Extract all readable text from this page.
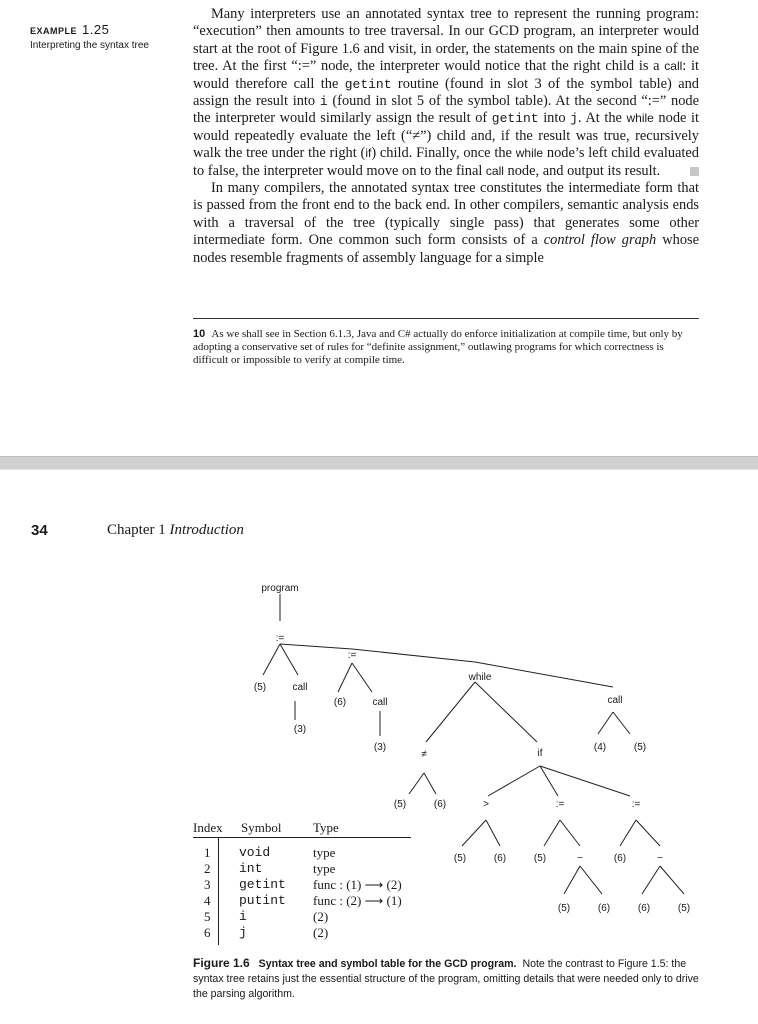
EXAMPLE 1.25
Interpreting the syntax tree

Many interpreters use an annotated syntax tree to represent the running program: “execution” then amounts to tree traversal. In our GCD program, an interpreter would start at the root of Figure 1.6 and visit, in order, the statements on the main spine of the tree. At the first “:=” node, the interpreter would notice that the right child is a call: it would therefore call the getint routine (found in slot 3 of the symbol table) and assign the result into i (found in slot 5 of the symbol table). At the second “:=” node the interpreter would similarly assign the result of getint into j. At the while node it would repeatedly evaluate the left (“≠”) child and, if the result was true, recursively walk the tree under the right (if) child. Finally, once the while node’s left child evaluated to false, the interpreter would move on to the final call node, and output its result.

In many compilers, the annotated syntax tree constitutes the intermediate form that is passed from the front end to the back end. In other compilers, semantic analysis ends with a traversal of the tree (typically single pass) that generates some other intermediate form. One common such form consists of a control flow graph whose nodes resemble fragments of assembly language for a simple

10 As we shall see in Section 6.1.3, Java and C# actually do enforce initialization at compile time, but only by adopting a conservative set of rules for “definite assignment,” outlawing programs for which correctness is difficult or impossible to verify at compile time.
34	Chapter 1 Introduction
program
:=
(5)	call
(3)
:=
(6)	call
(3)
while
≠
(5)	(6)
if
call
(4)	(5)
>	:=	:=
(5)	(6)	(5)	−	(6)	−
(5)	(6)	(6)	(5)
Index Symbol Type
1 void	type
2 int	type
3 getint func : (1) ⟶ (2)
4 putint func : (2) ⟶ (1)
5 i	(2)
6 j	(2)
Figure 1.6 Syntax tree and symbol table for the GCD program. Note the contrast to Figure 1.5: the syntax tree retains just the essential structure of the program, omitting details that were needed only to drive the parsing algorithm.
